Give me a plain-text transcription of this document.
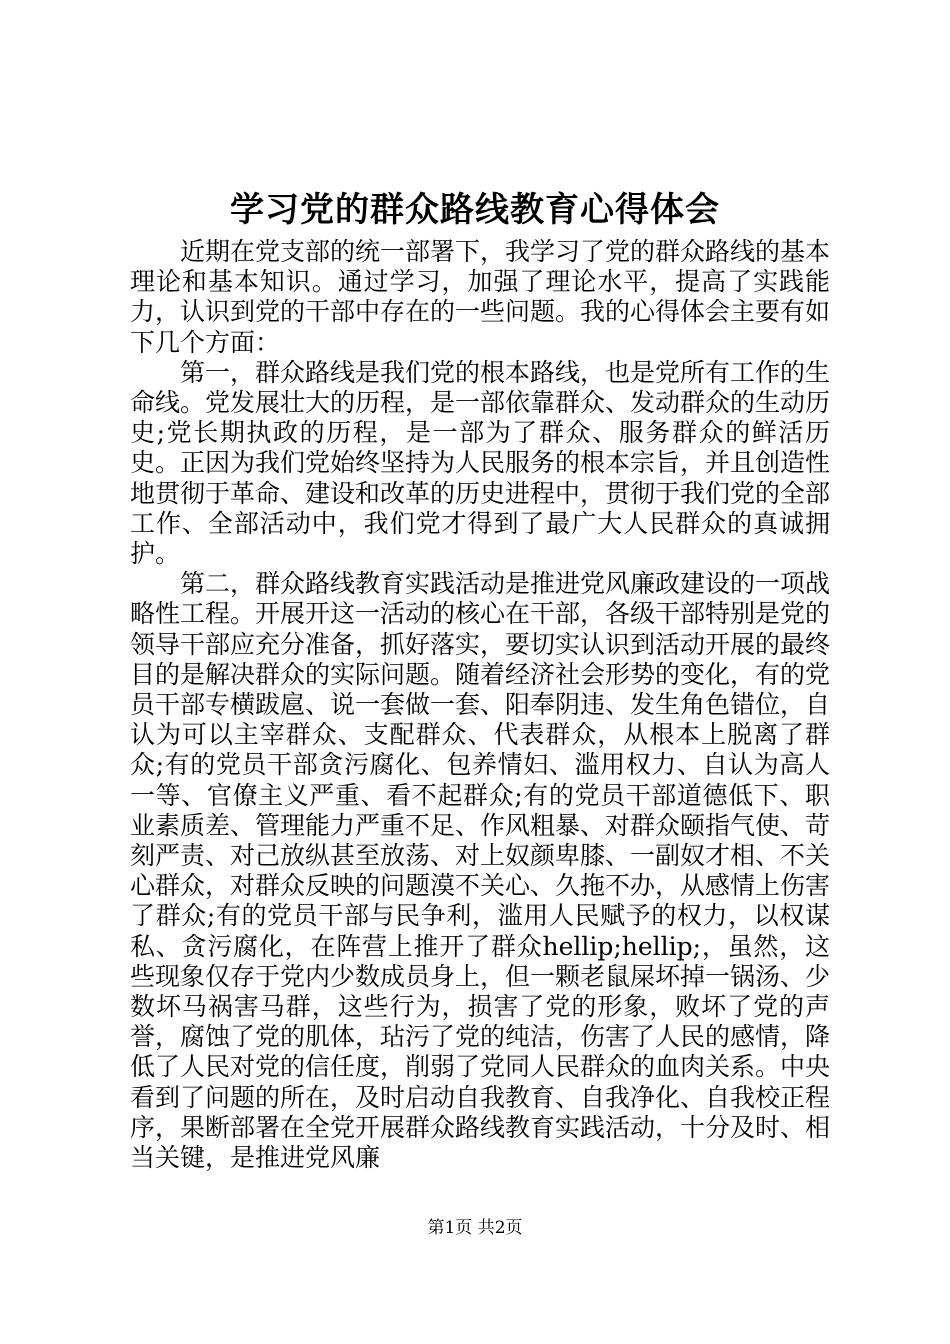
学习党的群众路线教育心得体会

近期在党支部的统一部署下，我学习了党的群众路线的基本理论和基本知识。通过学习，加强了理论水平，提高了实践能力，认识到党的干部中存在的一些问题。我的心得体会主要有如下几个方面：

第一，群众路线是我们党的根本路线，也是党所有工作的生命线。党发展壮大的历程，是一部依靠群众、发动群众的生动历史;党长期执政的历程，是一部为了群众、服务群众的鲜活历史。正因为我们党始终坚持为人民服务的根本宗旨，并且创造性地贯彻于革命、建设和改革的历史进程中，贯彻于我们党的全部工作、全部活动中，我们党才得到了最广大人民群众的真诚拥护。

第二，群众路线教育实践活动是推进党风廉政建设的一项战略性工程。开展开这一活动的核心在干部，各级干部特别是党的领导干部应充分准备，抓好落实，要切实认识到活动开展的最终目的是解决群众的实际问题。随着经济社会形势的变化，有的党员干部专横跋扈、说一套做一套、阳奉阴违、发生角色错位，自认为可以主宰群众、支配群众、代表群众，从根本上脱离了群众;有的党员干部贪污腐化、包养情妇、滥用权力、自认为高人一等、官僚主义严重、看不起群众;有的党员干部道德低下、职业素质差、管理能力严重不足、作风粗暴、对群众颐指气使、苛刻严责、对己放纵甚至放荡、对上奴颜卑膝、一副奴才相、不关心群众，对群众反映的问题漠不关心、久拖不办，从感情上伤害了群众;有的党员干部与民争利，滥用人民赋予的权力，以权谋私、贪污腐化，在阵营上推开了群众hellip;hellip;，虽然，这些现象仅存于党内少数成员身上，但一颗老鼠屎坏掉一锅汤、少数坏马祸害马群，这些行为，损害了党的形象，败坏了党的声誉，腐蚀了党的肌体，玷污了党的纯洁，伤害了人民的感情，降低了人民对党的信任度，削弱了党同人民群众的血肉关系。中央看到了问题的所在，及时启动自我教育、自我净化、自我校正程序，果断部署在全党开展群众路线教育实践活动，十分及时、相当关键，是推进党风廉

第1页 共2页
